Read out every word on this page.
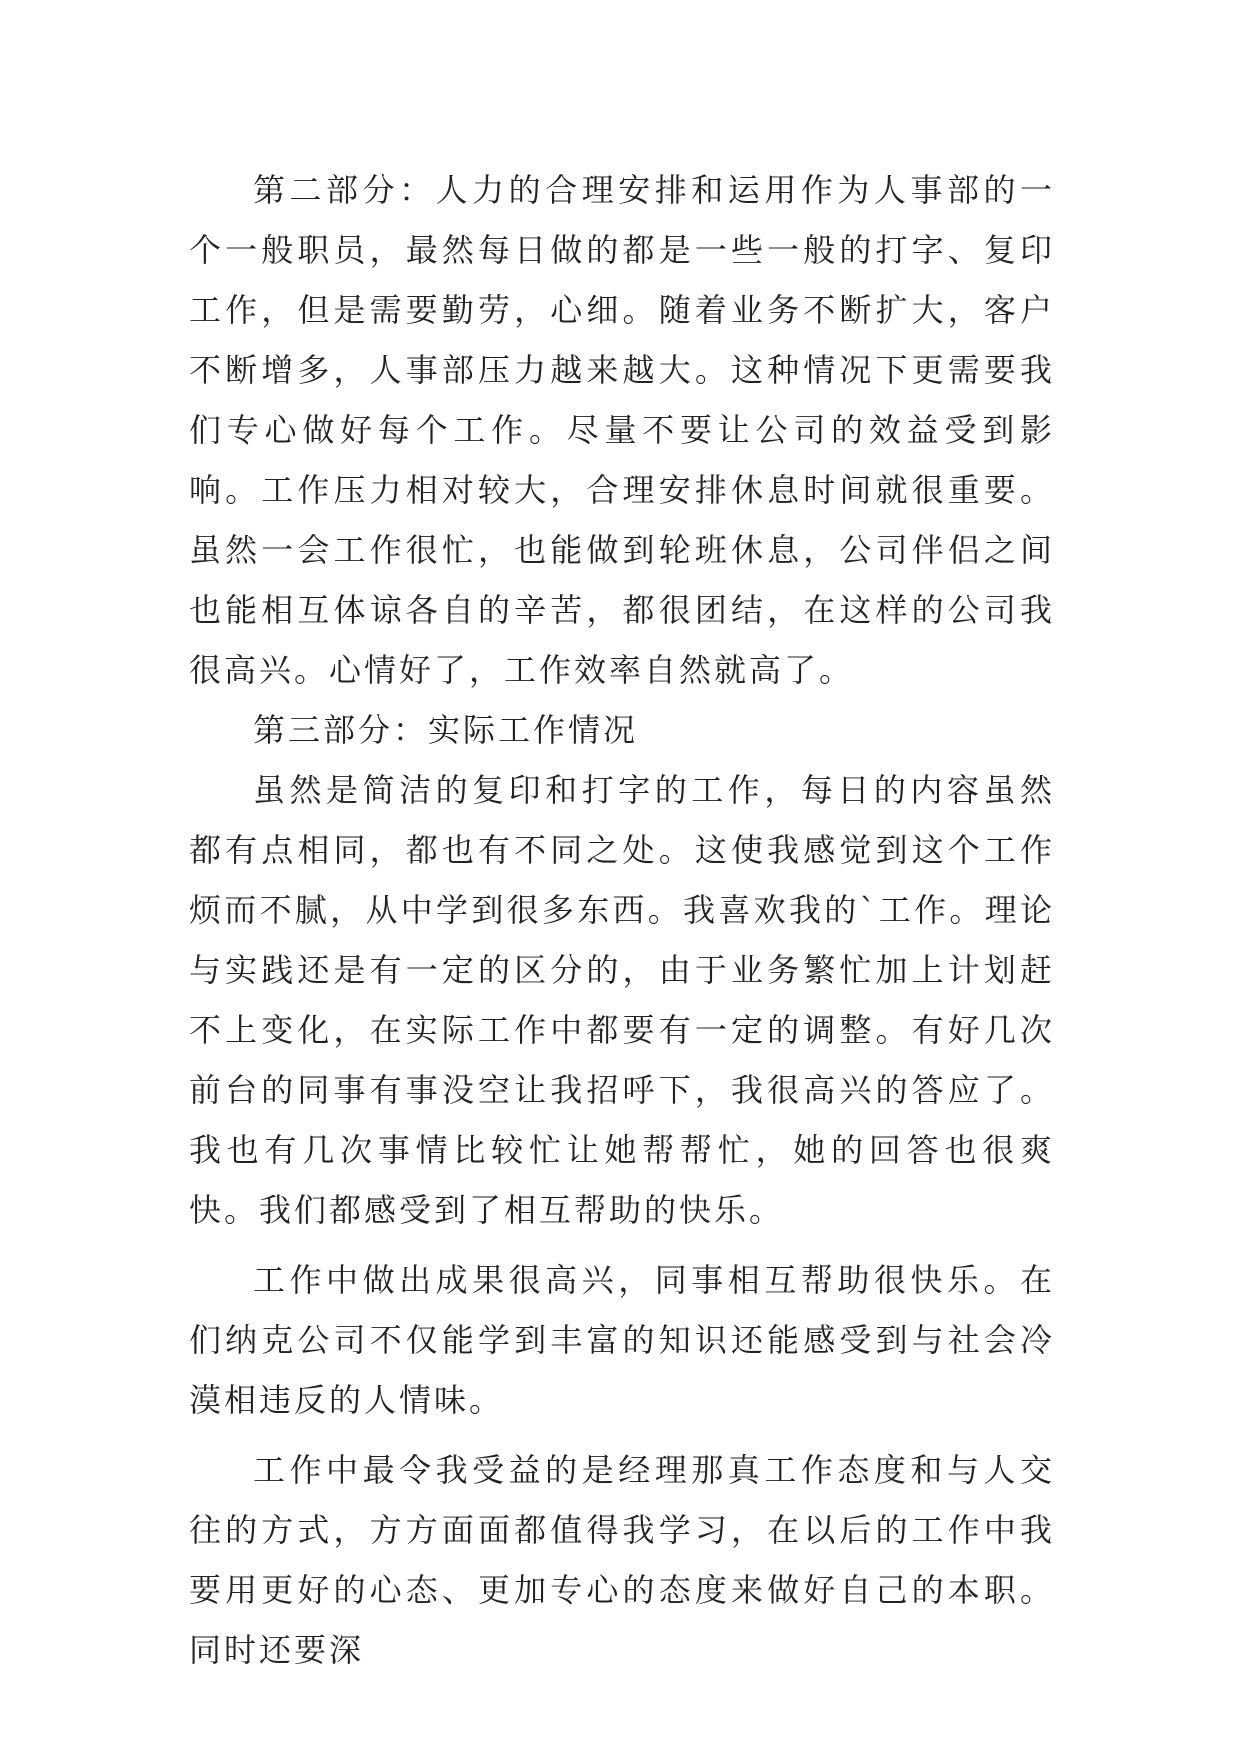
第二部分：人力的合理安排和运用作为人事部的一个一般职员，最然每日做的都是一些一般的打字、复印工作，但是需要勤劳，心细。随着业务不断扩大，客户不断增多，人事部压力越来越大。这种情况下更需要我们专心做好每个工作。尽量不要让公司的效益受到影响。工作压力相对较大，合理安排休息时间就很重要。虽然一会工作很忙，也能做到轮班休息，公司伴侣之间也能相互体谅各自的辛苦，都很团结，在这样的公司我很高兴。心情好了，工作效率自然就高了。

第三部分：实际工作情况

虽然是简洁的复印和打字的工作，每日的内容虽然都有点相同，都也有不同之处。这使我感觉到这个工作烦而不腻，从中学到很多东西。我喜欢我的`工作。理论与实践还是有一定的区分的，由于业务繁忙加上计划赶不上变化，在实际工作中都要有一定的调整。有好几次前台的同事有事没空让我招呼下，我很高兴的答应了。我也有几次事情比较忙让她帮帮忙，她的回答也很爽快。我们都感受到了相互帮助的快乐。

工作中做出成果很高兴，同事相互帮助很快乐。在们纳克公司不仅能学到丰富的知识还能感受到与社会冷漠相违反的人情味。

工作中最令我受益的是经理那真工作态度和与人交往的方式，方方面面都值得我学习，在以后的工作中我要用更好的心态、更加专心的态度来做好自己的本职。同时还要深
